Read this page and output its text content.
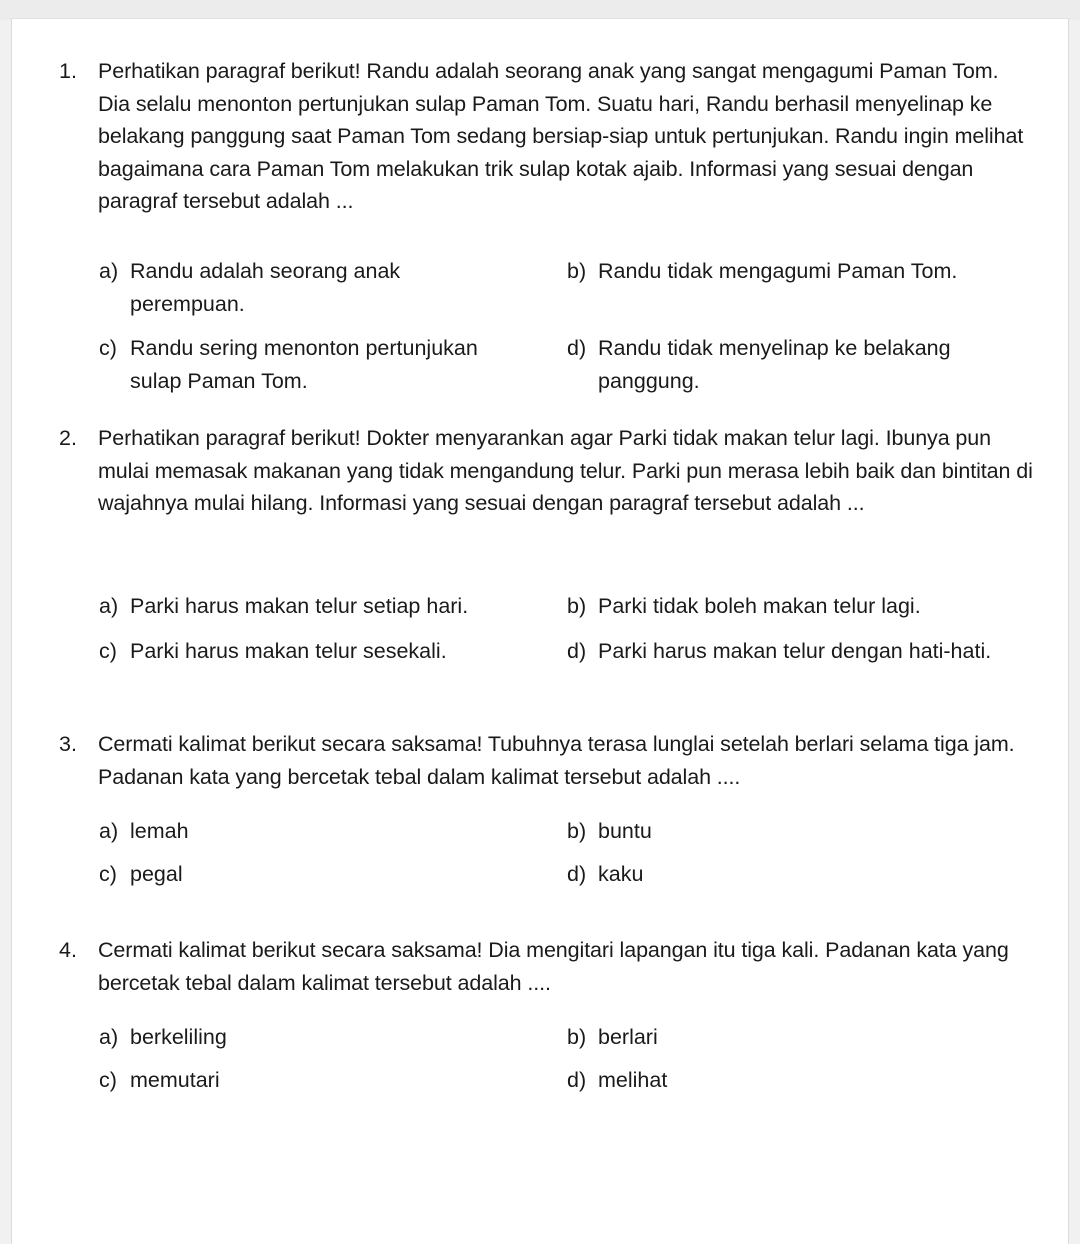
1. Perhatikan paragraf berikut! Randu adalah seorang anak yang sangat mengagumi Paman Tom. Dia selalu menonton pertunjukan sulap Paman Tom. Suatu hari, Randu berhasil menyelinap ke belakang panggung saat Paman Tom sedang bersiap-siap untuk pertunjukan. Randu ingin melihat bagaimana cara Paman Tom melakukan trik sulap kotak ajaib. Informasi yang sesuai dengan paragraf tersebut adalah ...
a) Randu adalah seorang anak perempuan.
b) Randu tidak mengagumi Paman Tom.
c) Randu sering menonton pertunjukan sulap Paman Tom.
d) Randu tidak menyelinap ke belakang panggung.
2. Perhatikan paragraf berikut! Dokter menyarankan agar Parki tidak makan telur lagi. Ibunya pun mulai memasak makanan yang tidak mengandung telur. Parki pun merasa lebih baik dan bintitan di wajahnya mulai hilang. Informasi yang sesuai dengan paragraf tersebut adalah ...
a) Parki harus makan telur setiap hari.	b) Parki tidak boleh makan telur lagi.
c) Parki harus makan telur sesekali.	d) Parki harus makan telur dengan hati-hati.
3. Cermati kalimat berikut secara saksama! Tubuhnya terasa lunglai setelah berlari selama tiga jam. Padanan kata yang bercetak tebal dalam kalimat tersebut adalah ....
a) lemah	b) buntu
c) pegal	d) kaku
4. Cermati kalimat berikut secara saksama! Dia mengitari lapangan itu tiga kali. Padanan kata yang bercetak tebal dalam kalimat tersebut adalah ....
a) berkeliling	b) berlari
c) memutari	d) melihat
